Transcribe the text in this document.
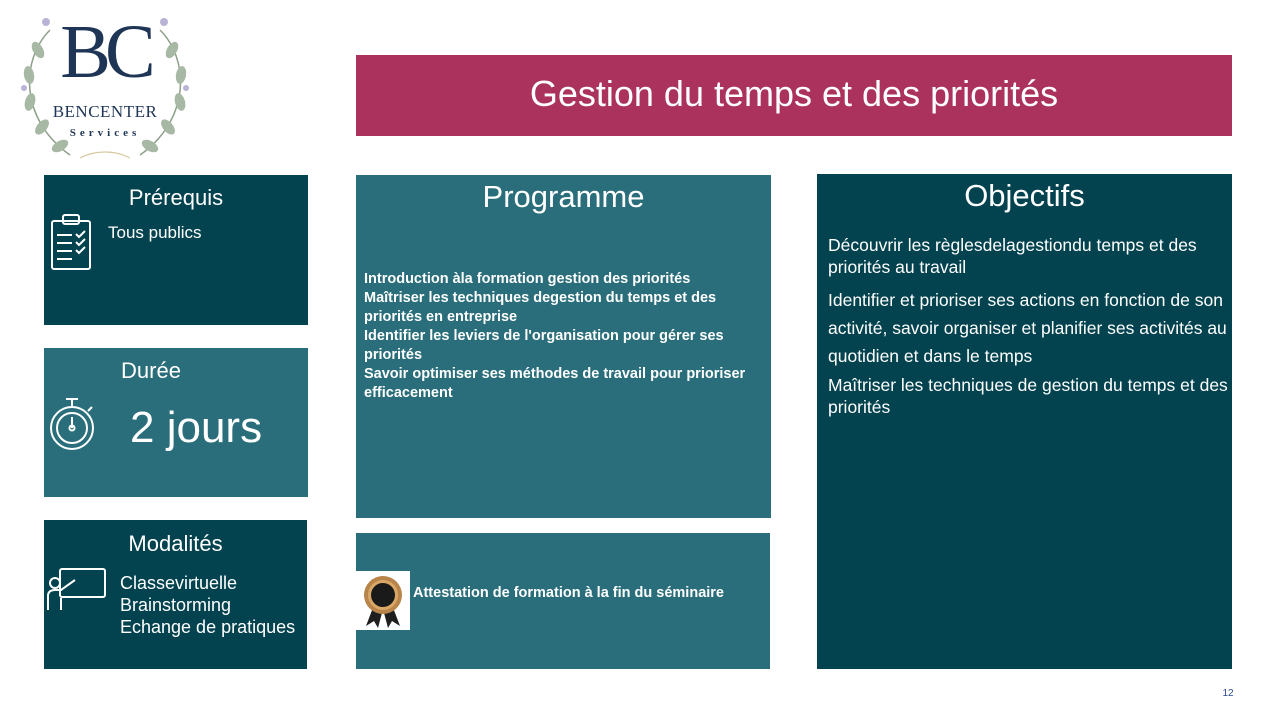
BC
BENCENTER
Services
Gestion du temps et des priorités
Prérequis
Tous publics
Durée
2 jours
Modalités
Classevirtuelle
Brainstorming
Echange de pratiques
Programme
Introduction àla formation gestion des priorités
Maîtriser les techniques degestion du temps et des priorités en entreprise
Identifier les leviers de l'organisation pour gérer ses priorités
Savoir optimiser ses méthodes de travail pour prioriser efficacement
Attestation de formation à la fin du séminaire
Objectifs
Découvrir les règlesdelagestiondu temps et des priorités au travail
Identifier et prioriser ses actions en fonction de son activité, savoir organiser et planifier ses activités au quotidien et dans le temps
Maîtriser les techniques de gestion du temps et des priorités
12
